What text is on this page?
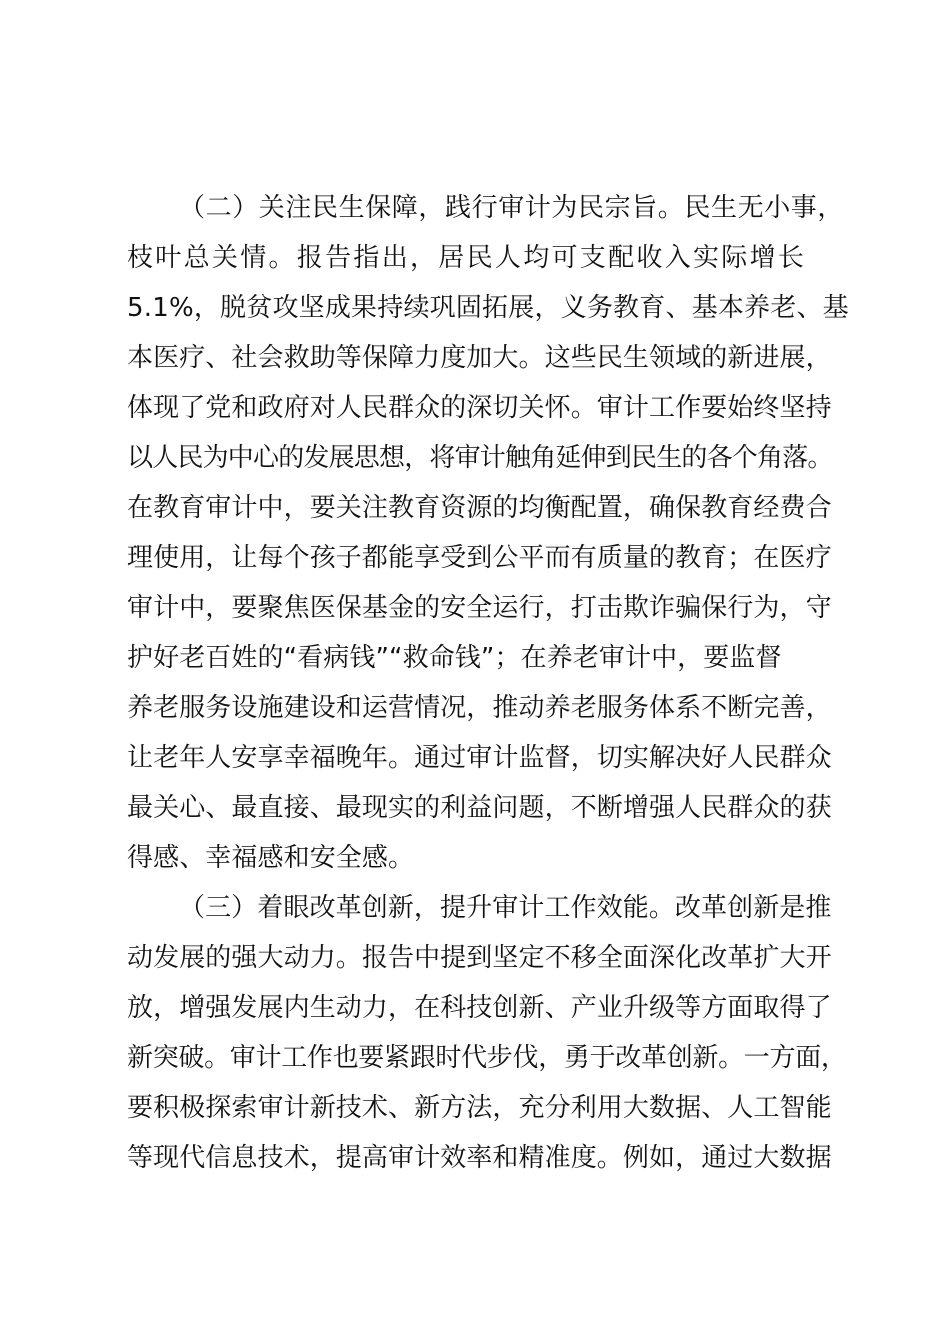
（二）关注民生保障，践行审计为民宗旨。民生无小事，
枝叶总关情。报告指出，居民人均可支配收入实际增长
5.1%，脱贫攻坚成果持续巩固拓展，义务教育、基本养老、基
本医疗、社会救助等保障力度加大。这些民生领域的新进展，
体现了党和政府对人民群众的深切关怀。审计工作要始终坚持
以人民为中心的发展思想，将审计触角延伸到民生的各个角落。
在教育审计中，要关注教育资源的均衡配置，确保教育经费合
理使用，让每个孩子都能享受到公平而有质量的教育；在医疗
审计中，要聚焦医保基金的安全运行，打击欺诈骗保行为，守
护好老百姓的“看病钱”“救命钱”；在养老审计中，要监督
养老服务设施建设和运营情况，推动养老服务体系不断完善，
让老年人安享幸福晚年。通过审计监督，切实解决好人民群众
最关心、最直接、最现实的利益问题，不断增强人民群众的获
得感、幸福感和安全感。
（三）着眼改革创新，提升审计工作效能。改革创新是推
动发展的强大动力。报告中提到坚定不移全面深化改革扩大开
放，增强发展内生动力，在科技创新、产业升级等方面取得了
新突破。审计工作也要紧跟时代步伐，勇于改革创新。一方面，
要积极探索审计新技术、新方法，充分利用大数据、人工智能
等现代信息技术，提高审计效率和精准度。例如，通过大数据
